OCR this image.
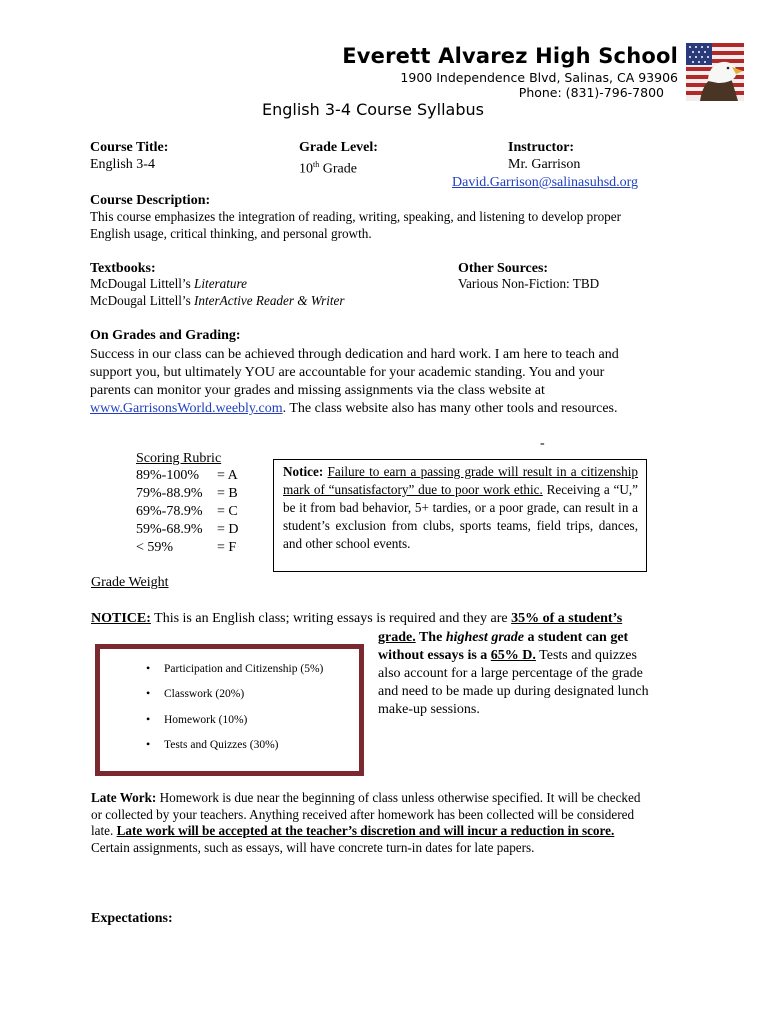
Everett Alvarez High School
1900 Independence Blvd, Salinas, CA 93906
Phone: (831)-796-7800
English 3-4 Course Syllabus
Course Title:
English 3-4
Grade Level:
10th Grade
Instructor:
Mr. Garrison
David.Garrison@salinasuhsd.org
Course Description:
This course emphasizes the integration of reading, writing, speaking, and listening to develop proper English usage, critical thinking, and personal growth.
Textbooks:
McDougal Littell’s Literature
McDougal Littell’s InterActive Reader & Writer
Other Sources:
Various Non-Fiction: TBD
On Grades and Grading:
Success in our class can be achieved through dedication and hard work. I am here to teach and
support you, but ultimately YOU are accountable for your academic standing. You and your
parents can monitor your grades and missing assignments via the class website at
www.GarrisonsWorld.weebly.com. The class website also has many other tools and resources.
-
Scoring Rubric
89%-100% = A
79%-88.9% = B
69%-78.9% = C
59%-68.9% = D
< 59%	= F
Notice: Failure to earn a passing grade will result in a citizenship mark of “unsatisfactory” due to poor work ethic. Receiving a “U,” be it from bad behavior, 5+ tardies, or a poor grade, can result in a student’s exclusion from clubs, sports teams, field trips, dances, and other school events.
Grade Weight
NOTICE: This is an English class; writing essays is required and they are 35% of a student’s
grade. The highest grade a student can get
without essays is a 65% D. Tests and quizzes
also account for a large percentage of the grade
and need to be made up during designated lunch
make-up sessions.
• Participation and Citizenship (5%)
• Classwork (20%)
• Homework (10%)
• Tests and Quizzes (30%)
Late Work: Homework is due near the beginning of class unless otherwise specified. It will be checked
or collected by your teachers. Anything received after homework has been collected will be considered
late. Late work will be accepted at the teacher’s discretion and will incur a reduction in score.
Certain assignments, such as essays, will have concrete turn-in dates for late papers.
Expectations:
